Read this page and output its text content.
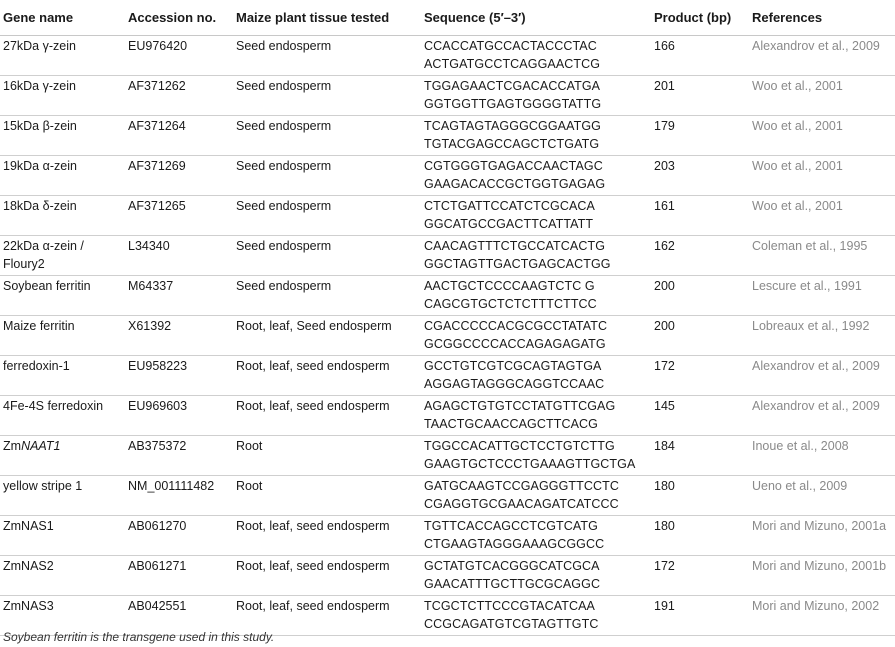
Gene name	Accession no.	Maize plant tissue tested	Sequence (5′–3′)	Product (bp)	References

27kDa γ-zein	EU976420	Seed endosperm	CCACCATGCCACTACCCTAC
ACTGATGCCTCAGGAACTCG	166	Alexandrov et al., 2009

16kDa γ-zein	AF371262	Seed endosperm	TGGAGAACTCGACACCATGA
GGTGGTTGAGTGGGGTATTG	201	Woo et al., 2001

15kDa β-zein	AF371264	Seed endosperm	TCAGTAGTAGGGCGGAATGG
TGTACGAGCCAGCTCTGATG	179	Woo et al., 2001

19kDa α-zein	AF371269	Seed endosperm	CGTGGGTGAGACCAACTAGC
GAAGACACCGCTGGTGAGAG	203	Woo et al., 2001

18kDa δ-zein	AF371265	Seed endosperm	CTCTGATTCCATCTCGCACA
GGCATGCCGACTTCATTATT	161	Woo et al., 2001

22kDa α-zein /
Floury2	L34340	Seed endosperm	CAACAGTTTCTGCCATCACTG
GGCTAGTTGACTGAGCACTGG	162	Coleman et al., 1995

Soybean ferritin	M64337	Seed endosperm	AACTGCTCCCCAAGTCTC G
CAGCGTGCTCTCTTTCTTCC	200	Lescure et al., 1991

Maize ferritin	X61392	Root, leaf, Seed endosperm	CGACCCCCACGCGCCTATATC
GCGGCCCCACCAGAGAGATG	200	Lobreaux et al., 1992

ferredoxin-1	EU958223	Root, leaf, seed endosperm	GCCTGTCGTCGCAGTAGTGA
AGGAGTAGGGCAGGTCCAAC	172	Alexandrov et al., 2009

4Fe-4S ferredoxin	EU969603	Root, leaf, seed endosperm	AGAGCTGTGTCCTATGTTCGAG
TAACTGCAACCAGCTTCACG	145	Alexandrov et al., 2009

ZmNAAT1	AB375372	Root	TGGCCACATTGCTCCTGTCTTG
GAAGTGCTCCCTGAAAGTTGCTGA	184	Inoue et al., 2008

yellow stripe 1	NM_001111482	Root	GATGCAAGTCCGAGGGTTCCTC
CGAGGTGCGAACAGATCATCCC	180	Ueno et al., 2009

ZmNAS1	AB061270	Root, leaf, seed endosperm	TGTTCACCAGCCTCGTCATG
CTGAAGTAGGGAAAGCGGCC	180	Mori and Mizuno, 2001a

ZmNAS2	AB061271	Root, leaf, seed endosperm	GCTATGTCACGGGCATCGCA
GAACATTTGCTTGCGCAGGC	172	Mori and Mizuno, 2001b

ZmNAS3	AB042551	Root, leaf, seed endosperm	TCGCTCTTCCCGTACATCAA
CCGCAGATGTCGTAGTTGTC	191	Mori and Mizuno, 2002
Soybean ferritin is the transgene used in this study.
